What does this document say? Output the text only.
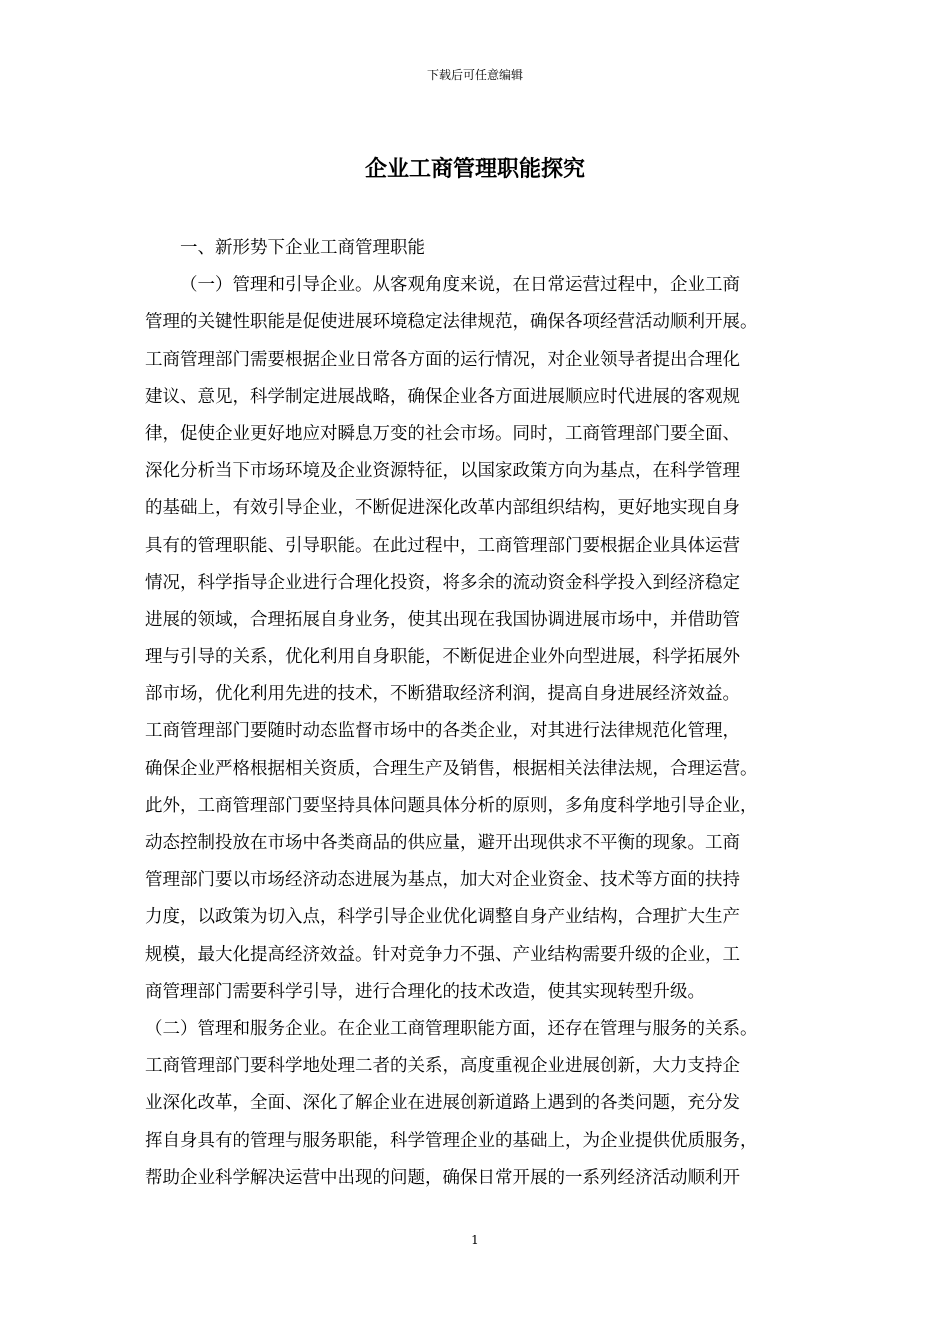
下载后可任意编辑
企业工商管理职能探究
一、新形势下企业工商管理职能
（一）管理和引导企业。从客观角度来说，在日常运营过程中，企业工商
管理的关键性职能是促使进展环境稳定法律规范，确保各项经营活动顺利开展。
工商管理部门需要根据企业日常各方面的运行情况，对企业领导者提出合理化
建议、意见，科学制定进展战略，确保企业各方面进展顺应时代进展的客观规
律，促使企业更好地应对瞬息万变的社会市场。同时，工商管理部门要全面、
深化分析当下市场环境及企业资源特征，以国家政策方向为基点，在科学管理
的基础上，有效引导企业，不断促进深化改革内部组织结构，更好地实现自身
具有的管理职能、引导职能。在此过程中，工商管理部门要根据企业具体运营
情况，科学指导企业进行合理化投资，将多余的流动资金科学投入到经济稳定
进展的领域，合理拓展自身业务，使其出现在我国协调进展市场中，并借助管
理与引导的关系，优化利用自身职能，不断促进企业外向型进展，科学拓展外
部市场，优化利用先进的技术，不断猎取经济利润，提高自身进展经济效益。
工商管理部门要随时动态监督市场中的各类企业，对其进行法律规范化管理，
确保企业严格根据相关资质，合理生产及销售，根据相关法律法规，合理运营。
此外，工商管理部门要坚持具体问题具体分析的原则，多角度科学地引导企业，
动态控制投放在市场中各类商品的供应量，避开出现供求不平衡的现象。工商
管理部门要以市场经济动态进展为基点，加大对企业资金、技术等方面的扶持
力度，以政策为切入点，科学引导企业优化调整自身产业结构，合理扩大生产
规模，最大化提高经济效益。针对竞争力不强、产业结构需要升级的企业，工
商管理部门需要科学引导，进行合理化的技术改造，使其实现转型升级。
（二）管理和服务企业。在企业工商管理职能方面，还存在管理与服务的关系。
工商管理部门要科学地处理二者的关系，高度重视企业进展创新，大力支持企
业深化改革，全面、深化了解企业在进展创新道路上遇到的各类问题，充分发
挥自身具有的管理与服务职能，科学管理企业的基础上，为企业提供优质服务，
帮助企业科学解决运营中出现的问题，确保日常开展的一系列经济活动顺利开
1
